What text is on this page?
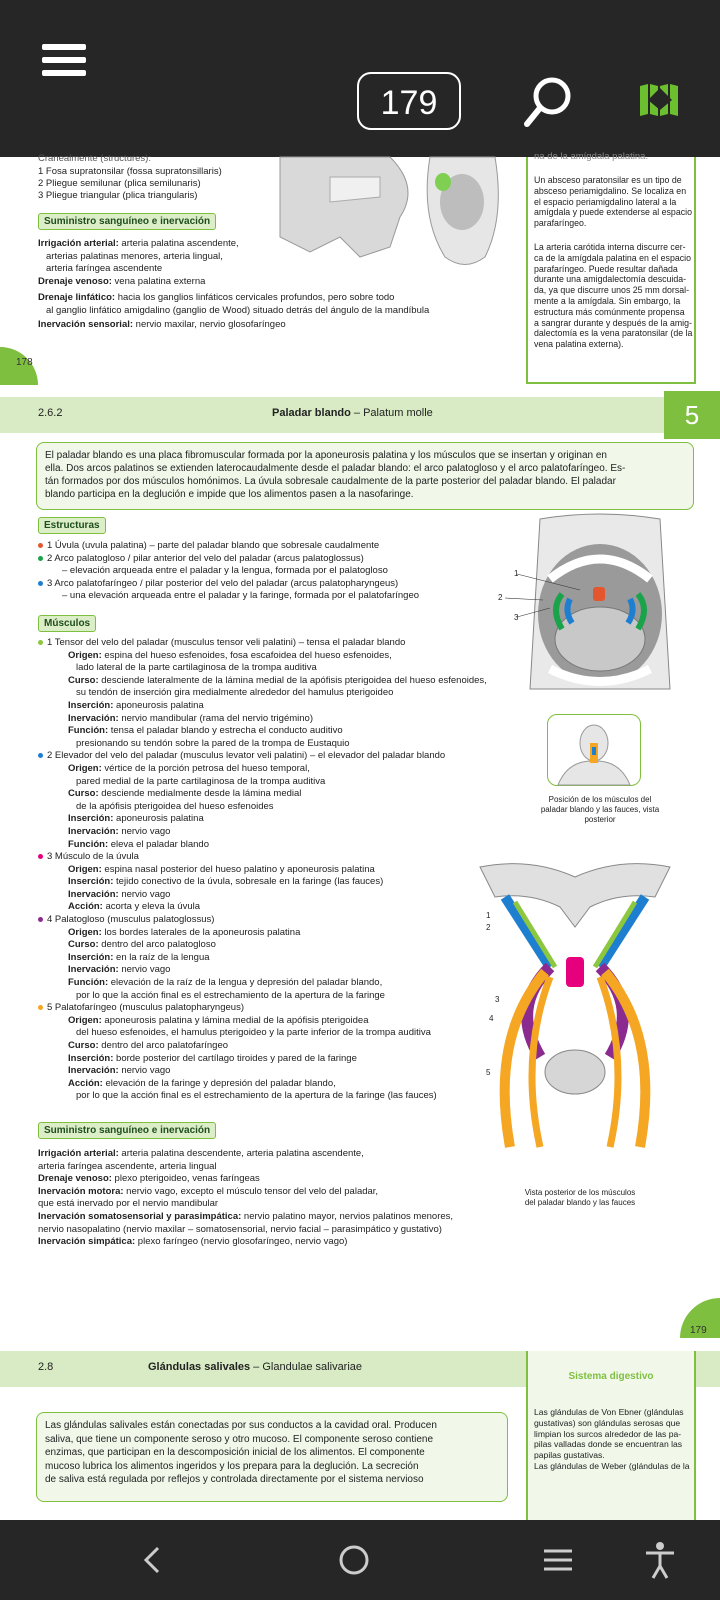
179
Cranealmente (structures):
1 Fosa supratonsilar (fossa supratonsillaris)
2 Pliegue semilunar (plica semilunaris)
3 Pliegue triangular (plica triangularis)
Suministro sanguíneo e inervación
Irrigación arterial: arteria palatina ascendente,
arterias palatinas menores, arteria lingual,
arteria faríngea ascendente
Drenaje venoso: vena palatina externa
Drenaje linfático: hacia los ganglios linfáticos cervicales profundos, pero sobre todo
al ganglio linfático amigdalino (ganglio de Wood) situado detrás del ángulo de la mandíbula
Inervación sensorial: nervio maxilar, nervio glosofaríngeo
178
na de la amígdala palatina.
Un absceso paratonsilar es un tipo de
absceso periamigdalino. Se localiza en
el espacio periamigdalino lateral a la
amígdala y puede extenderse al espacio
parafaríngeo.
La arteria carótida interna discurre cer-
ca de la amígdala palatina en el espacio
parafaríngeo. Puede resultar dañada
durante una amigdalectomía descuida-
da, ya que discurre unos 25 mm dorsal-
mente a la amígdala. Sin embargo, la
estructura más comúnmente propensa
a sangrar durante y después de la amig-
dalectomía es la vena paratonsilar (de la
vena palatina externa).
2.6.2	Paladar blando – Palatum molle	5
El paladar blando es una placa fibromuscular formada por la aponeurosis palatina y los músculos que se insertan y originan en
ella. Dos arcos palatinos se extienden laterocaudalmente desde el paladar blando: el arco palatogloso y el arco palatofaríngeo. Es-
tán formados por dos músculos homónimos. La úvula sobresale caudalmente de la parte posterior del paladar blando. El paladar
blando participa en la deglución e impide que los alimentos pasen a la nasofaringe.
Estructuras
1 Úvula (uvula palatina) – parte del paladar blando que sobresale caudalmente
2 Arco palatogloso / pilar anterior del velo del paladar (arcus palatoglossus)
– elevación arqueada entre el paladar y la lengua, formada por el palatogloso
3 Arco palatofaríngeo / pilar posterior del velo del paladar (arcus palatopharyngeus)
– una elevación arqueada entre el paladar y la faringe, formada por el palatofaríngeo
Músculos
1 Tensor del velo del paladar (musculus tensor veli palatini) – tensa el paladar blando
Origen: espina del hueso esfenoides, fosa escafoidea del hueso esfenoides,
lado lateral de la parte cartilaginosa de la trompa auditiva
Curso: desciende lateralmente de la lámina medial de la apófisis pterigoidea del hueso esfenoides,
su tendón de inserción gira medialmente alrededor del hamulus pterigoideo
Inserción: aponeurosis palatina
Inervación: nervio mandibular (rama del nervio trigémino)
Función: tensa el paladar blando y estrecha el conducto auditivo
presionando su tendón sobre la pared de la trompa de Eustaquio
2 Elevador del velo del paladar (musculus levator veli palatini) – el elevador del paladar blando
Origen: vértice de la porción petrosa del hueso temporal,
pared medial de la parte cartilaginosa de la trompa auditiva
Curso: desciende medialmente desde la lámina medial
de la apófisis pterigoidea del hueso esfenoides
Inserción: aponeurosis palatina
Inervación: nervio vago
Función: eleva el paladar blando
3 Músculo de la úvula
Origen: espina nasal posterior del hueso palatino y aponeurosis palatina
Inserción: tejido conectivo de la úvula, sobresale en la faringe (las fauces)
Inervación: nervio vago
Acción: acorta y eleva la úvula
4 Palatogloso (musculus palatoglossus)
Origen: los bordes laterales de la aponeurosis palatina
Curso: dentro del arco palatogloso
Inserción: en la raíz de la lengua
Inervación: nervio vago
Función: elevación de la raíz de la lengua y depresión del paladar blando,
por lo que la acción final es el estrechamiento de la apertura de la faringe
5 Palatofaríngeo (musculus palatopharyngeus)
Origen: aponeurosis palatina y lámina medial de la apófisis pterigoidea
del hueso esfenoides, el hamulus pterigoideo y la parte inferior de la trompa auditiva
Curso: dentro del arco palatofaríngeo
Inserción: borde posterior del cartílago tiroides y pared de la faringe
Inervación: nervio vago
Acción: elevación de la faringe y depresión del paladar blando,
por lo que la acción final es el estrechamiento de la apertura de la faringe (las fauces)
Suministro sanguíneo e inervación
Irrigación arterial: arteria palatina descendente, arteria palatina ascendente,
arteria faríngea ascendente, arteria lingual
Drenaje venoso: plexo pterigoideo, venas faríngeas
Inervación motora: nervio vago, excepto el músculo tensor del velo del paladar,
que está inervado por el nervio mandibular
Inervación somatosensorial y parasimpática: nervio palatino mayor, nervios palatinos menores,
nervio nasopalatino (nervio maxilar – somatosensorial, nervio facial – parasimpático y gustativo)
Inervación simpática: plexo faríngeo (nervio glosofaríngeo, nervio vago)
1
2
3
Posición de los músculos del
paladar blando y las fauces, vista
posterior
1
2
3
4
5
Vista posterior de los músculos
del paladar blando y las fauces
179
2.8	Glándulas salivales – Glandulae salivariae
Sistema digestivo
Las glándulas de Von Ebner (glándulas
gustativas) son glándulas serosas que
limpian los surcos alrededor de las pa-
pilas valladas donde se encuentran las
papilas gustativas.
Las glándulas de Weber (glándulas de la
Las glándulas salivales están conectadas por sus conductos a la cavidad oral. Producen
saliva, que tiene un componente seroso y otro mucoso. El componente seroso contiene
enzimas, que participan en la descomposición inicial de los alimentos. El componente
mucoso lubrica los alimentos ingeridos y los prepara para la deglución. La secreción
de saliva está regulada por reflejos y controlada directamente por el sistema nervioso
